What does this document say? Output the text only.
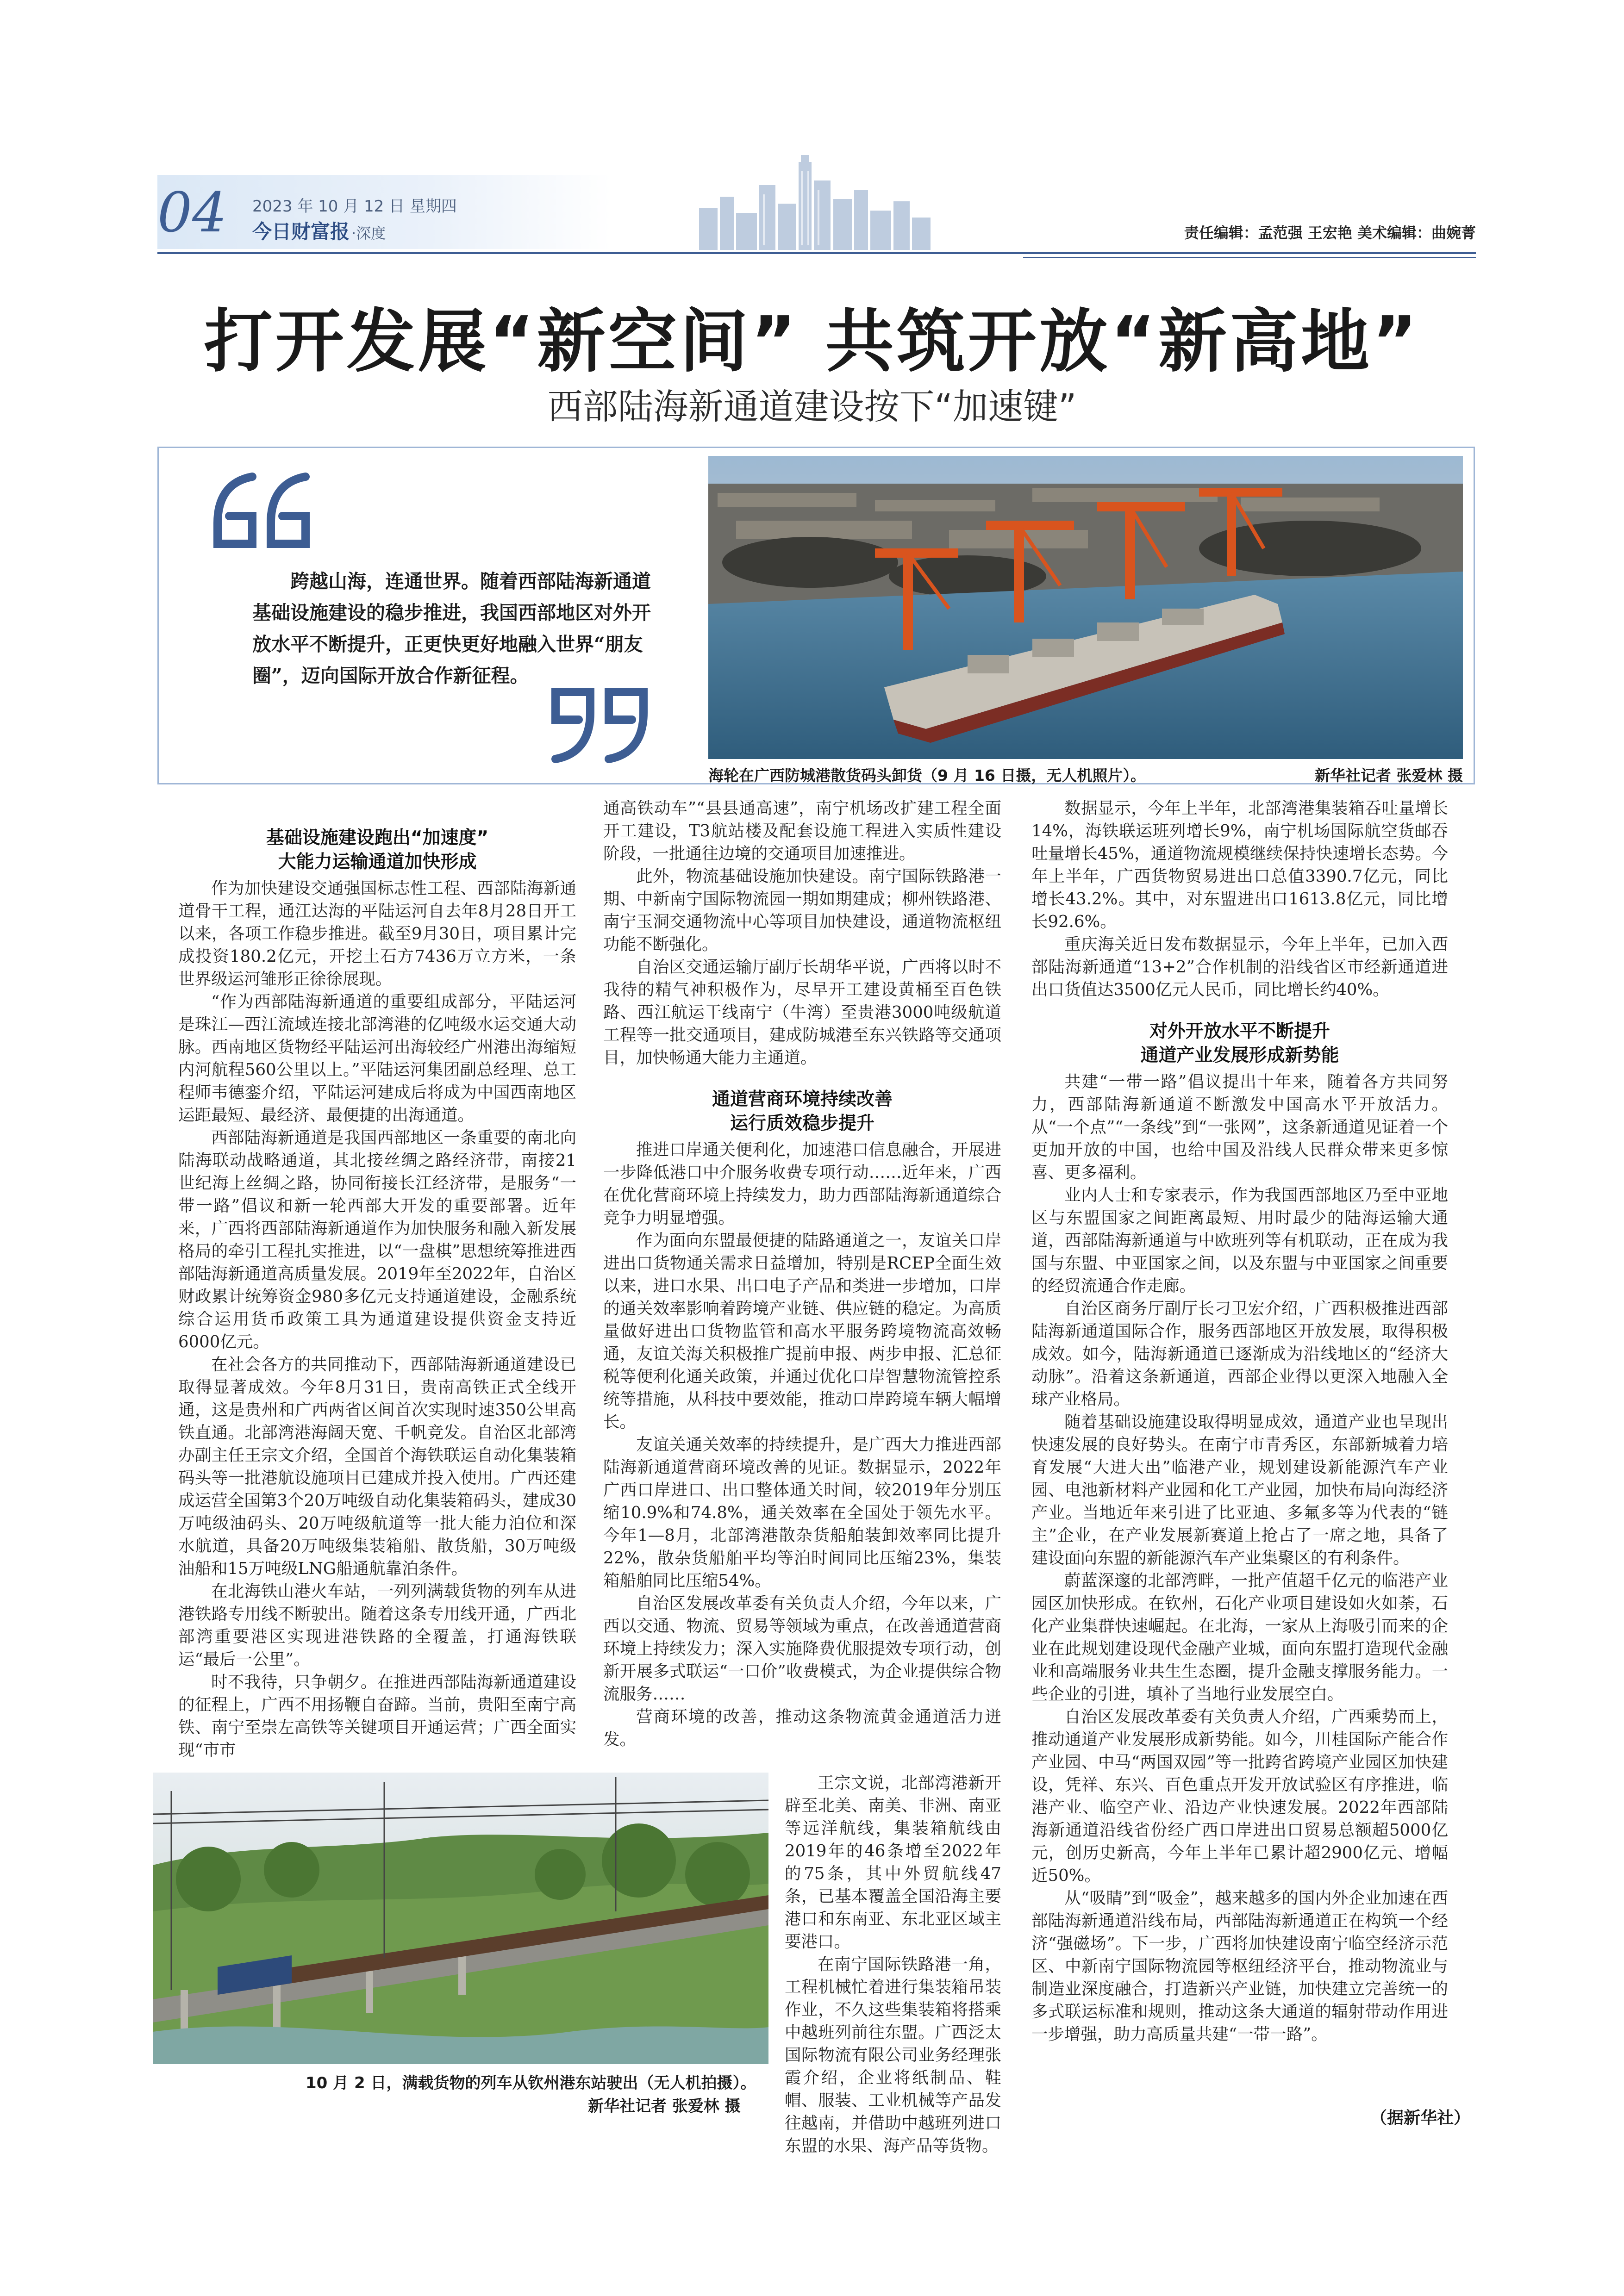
04 2023 年 10 月 12 日 星期四
今日财富报 ·深度	责任编辑：孟范强 王宏艳 美术编辑：曲婉菁
打开发展“新空间” 共筑开放“新高地”
西部陆海新通道建设按下“加速键”
跨越山海，连通世界。随着西部陆海新通道基础设施建设的稳步推进，我国西部地区对外开放水平不断提升，正更快更好地融入世界“朋友圈”，迈向国际开放合作新征程。
海轮在广西防城港散货码头卸货（9 月 16 日摄，无人机照片）。	新华社记者 张爱林 摄
基础设施建设跑出“加速度”
大能力运输通道加快形成

作为加快建设交通强国标志性工程、西部陆海新通道骨干工程，通江达海的平陆运河自去年8月28日开工以来，各项工作稳步推进。截至9月30日，项目累计完成投资180.2亿元，开挖土石方7436万立方米，一条世界级运河雏形正徐徐展现。

“作为西部陆海新通道的重要组成部分，平陆运河是珠江—西江流域连接北部湾港的亿吨级水运交通大动脉。西南地区货物经平陆运河出海较经广州港出海缩短内河航程560公里以上。”平陆运河集团副总经理、总工程师韦德銮介绍，平陆运河建成后将成为中国西南地区运距最短、最经济、最便捷的出海通道。

西部陆海新通道是我国西部地区一条重要的南北向陆海联动战略通道，其北接丝绸之路经济带，南接21世纪海上丝绸之路，协同衔接长江经济带，是服务“一带一路”倡议和新一轮西部大开发的重要部署。近年来，广西将西部陆海新通道作为加快服务和融入新发展格局的牵引工程扎实推进，以“一盘棋”思想统筹推进西部陆海新通道高质量发展。2019年至2022年，自治区财政累计统筹资金980多亿元支持通道建设，金融系统综合运用货币政策工具为通道建设提供资金支持近6000亿元。

在社会各方的共同推动下，西部陆海新通道建设已取得显著成效。今年8月31日，贵南高铁正式全线开通，这是贵州和广西两省区间首次实现时速350公里高铁直通。北部湾港海阔天宽、千帆竞发。自治区北部湾办副主任王宗文介绍，全国首个海铁联运自动化集装箱码头等一批港航设施项目已建成并投入使用。广西还建成运营全国第3个20万吨级自动化集装箱码头，建成30万吨级油码头、20万吨级航道等一批大能力泊位和深水航道，具备20万吨级集装箱船、散货船，30万吨级油船和15万吨级LNG船通航靠泊条件。

在北海铁山港火车站，一列列满载货物的列车从进港铁路专用线不断驶出。随着这条专用线开通，广西北部湾重要港区实现进港铁路的全覆盖，打通海铁联运“最后一公里”。

时不我待，只争朝夕。在推进西部陆海新通道建设的征程上，广西不用扬鞭自奋蹄。当前，贵阳至南宁高铁、南宁至崇左高铁等关键项目开通运营；广西全面实现“市市

通高铁动车”“县县通高速”，南宁机场改扩建工程全面开工建设，T3航站楼及配套设施工程进入实质性建设阶段，一批通往边境的交通项目加速推进。

此外，物流基础设施加快建设。南宁国际铁路港一期、中新南宁国际物流园一期如期建成；柳州铁路港、南宁玉洞交通物流中心等项目加快建设，通道物流枢纽功能不断强化。

自治区交通运输厅副厅长胡华平说，广西将以时不我待的精气神积极作为，尽早开工建设黄桶至百色铁路、西江航运干线南宁（牛湾）至贵港3000吨级航道工程等一批交通项目，建成防城港至东兴铁路等交通项目，加快畅通大能力主通道。

通道营商环境持续改善
运行质效稳步提升

推进口岸通关便利化，加速港口信息融合，开展进一步降低港口中介服务收费专项行动……近年来，广西在优化营商环境上持续发力，助力西部陆海新通道综合竞争力明显增强。

作为面向东盟最便捷的陆路通道之一，友谊关口岸进出口货物通关需求日益增加，特别是RCEP全面生效以来，进口水果、出口电子产品和类进一步增加，口岸的通关效率影响着跨境产业链、供应链的稳定。为高质量做好进出口货物监管和高水平服务跨境物流高效畅通，友谊关海关积极推广提前申报、两步申报、汇总征税等便利化通关政策，并通过优化口岸智慧物流管控系统等措施，从科技中要效能，推动口岸跨境车辆大幅增长。

友谊关通关效率的持续提升，是广西大力推进西部陆海新通道营商环境改善的见证。数据显示，2022年广西口岸进口、出口整体通关时间，较2019年分别压缩10.9%和74.8%，通关效率在全国处于领先水平。今年1—8月，北部湾港散杂货船舶装卸效率同比提升22%，散杂货船舶平均等泊时间同比压缩23%，集装箱船舶同比压缩54%。

自治区发展改革委有关负责人介绍，今年以来，广西以交通、物流、贸易等领域为重点，在改善通道营商环境上持续发力；深入实施降费优服提效专项行动，创新开展多式联运“一口价”收费模式，为企业提供综合物流服务……

营商环境的改善，推动这条物流黄金通道活力迸发。

10 月 2 日，满载货物的列车从钦州港东站驶出（无人机拍摄）。
新华社记者 张爱林 摄

王宗文说，北部湾港新开辟至北美、南美、非洲、南亚等远洋航线，集装箱航线由2019年的46条增至2022年的75条，其中外贸航线47条，已基本覆盖全国沿海主要港口和东南亚、东北亚区域主要港口。

在南宁国际铁路港一角，工程机械忙着进行集装箱吊装作业，不久这些集装箱将搭乘中越班列前往东盟。广西泛太国际物流有限公司业务经理张霞介绍，企业将纸制品、鞋帽、服装、工业机械等产品发往越南，并借助中越班列进口东盟的水果、海产品等货物。

数据显示，今年上半年，北部湾港集装箱吞吐量增长14%，海铁联运班列增长9%，南宁机场国际航空货邮吞吐量增长45%，通道物流规模继续保持快速增长态势。今年上半年，广西货物贸易进出口总值3390.7亿元，同比增长43.2%。其中，对东盟进出口1613.8亿元，同比增长92.6%。

重庆海关近日发布数据显示，今年上半年，已加入西部陆海新通道“13+2”合作机制的沿线省区市经新通道进出口货值达3500亿元人民币，同比增长约40%。

对外开放水平不断提升
通道产业发展形成新势能

共建“一带一路”倡议提出十年来，随着各方共同努力，西部陆海新通道不断激发中国高水平开放活力。从“一个点”“一条线”到“一张网”，这条新通道见证着一个更加开放的中国，也给中国及沿线人民群众带来更多惊喜、更多福利。

业内人士和专家表示，作为我国西部地区乃至中亚地区与东盟国家之间距离最短、用时最少的陆海运输大通道，西部陆海新通道与中欧班列等有机联动，正在成为我国与东盟、中亚国家之间，以及东盟与中亚国家之间重要的经贸流通合作走廊。

自治区商务厅副厅长刁卫宏介绍，广西积极推进西部陆海新通道国际合作，服务西部地区开放发展，取得积极成效。如今，陆海新通道已逐渐成为沿线地区的“经济大动脉”。沿着这条新通道，西部企业得以更深入地融入全球产业格局。

随着基础设施建设取得明显成效，通道产业也呈现出快速发展的良好势头。在南宁市青秀区，东部新城着力培育发展“大进大出”临港产业，规划建设新能源汽车产业园、电池新材料产业园和化工产业园，加快布局向海经济产业。当地近年来引进了比亚迪、多氟多等为代表的“链主”企业，在产业发展新赛道上抢占了一席之地，具备了建设面向东盟的新能源汽车产业集聚区的有利条件。

蔚蓝深邃的北部湾畔，一批产值超千亿元的临港产业园区加快形成。在钦州，石化产业项目建设如火如荼，石化产业集群快速崛起。在北海，一家从上海吸引而来的企业在此规划建设现代金融产业城，面向东盟打造现代金融业和高端服务业共生生态圈，提升金融支撑服务能力。一些企业的引进，填补了当地行业发展空白。

自治区发展改革委有关负责人介绍，广西乘势而上，推动通道产业发展形成新势能。如今，川桂国际产能合作产业园、中马“两国双园”等一批跨省跨境产业园区加快建设，凭祥、东兴、百色重点开发开放试验区有序推进，临港产业、临空产业、沿边产业快速发展。2022年西部陆海新通道沿线省份经广西口岸进出口贸易总额超5000亿元，创历史新高，今年上半年已累计超2900亿元、增幅近50%。

从“吸睛”到“吸金”，越来越多的国内外企业加速在西部陆海新通道沿线布局，西部陆海新通道正在构筑一个经济“强磁场”。下一步，广西将加快建设南宁临空经济示范区、中新南宁国际物流园等枢纽经济平台，推动物流业与制造业深度融合，打造新兴产业链，加快建立完善统一的多式联运标准和规则，推动这条大通道的辐射带动作用进一步增强，助力高质量共建“一带一路”。

（据新华社）
